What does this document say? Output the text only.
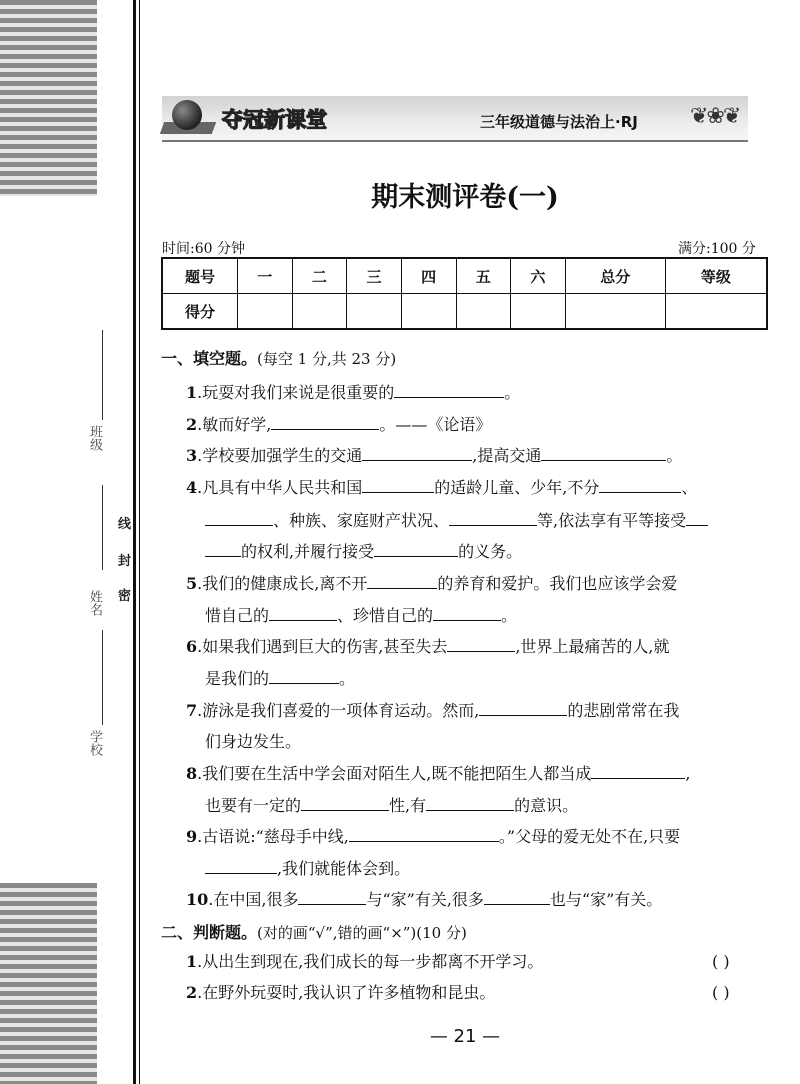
班级
姓名
学校
线
封
密
夺冠新课堂	三年级道德与法治上·RJ ❦❀❦
期末测评卷(一)
时间:60 分钟	满分:100 分
题号	一	二	三	四	五	六	总分	等级
得分								
一、填空题。(每空 1 分,共 23 分)
1.玩耍对我们来说是很重要的	。
2.敏而好学,	。——《论语》
3.学校要加强学生的交通	,提高交通	。
4.凡具有中华人民共和国	的适龄儿童、少年,不分	、
、种族、家庭财产状况、	等,依法享有平等接受
的权利,并履行接受	的义务。
5.我们的健康成长,离不开	的养育和爱护。我们也应该学会爱
惜自己的	、珍惜自己的	。
6.如果我们遇到巨大的伤害,甚至失去	,世界上最痛苦的人,就
是我们的	。
7.游泳是我们喜爱的一项体育运动。然而,	的悲剧常常在我
们身边发生。
8.我们要在生活中学会面对陌生人,既不能把陌生人都当成	,
也要有一定的	性,有	的意识。
9.古语说:“慈母手中线,	。”父母的爱无处不在,只要
,我们就能体会到。
10.在中国,很多	与“家”有关,很多	也与“家”有关。
二、判断题。(对的画“√”,错的画“×”)(10 分)
1.从出生到现在,我们成长的每一步都离不开学习。	( )
2.在野外玩耍时,我认识了许多植物和昆虫。	( )
— 21 —
